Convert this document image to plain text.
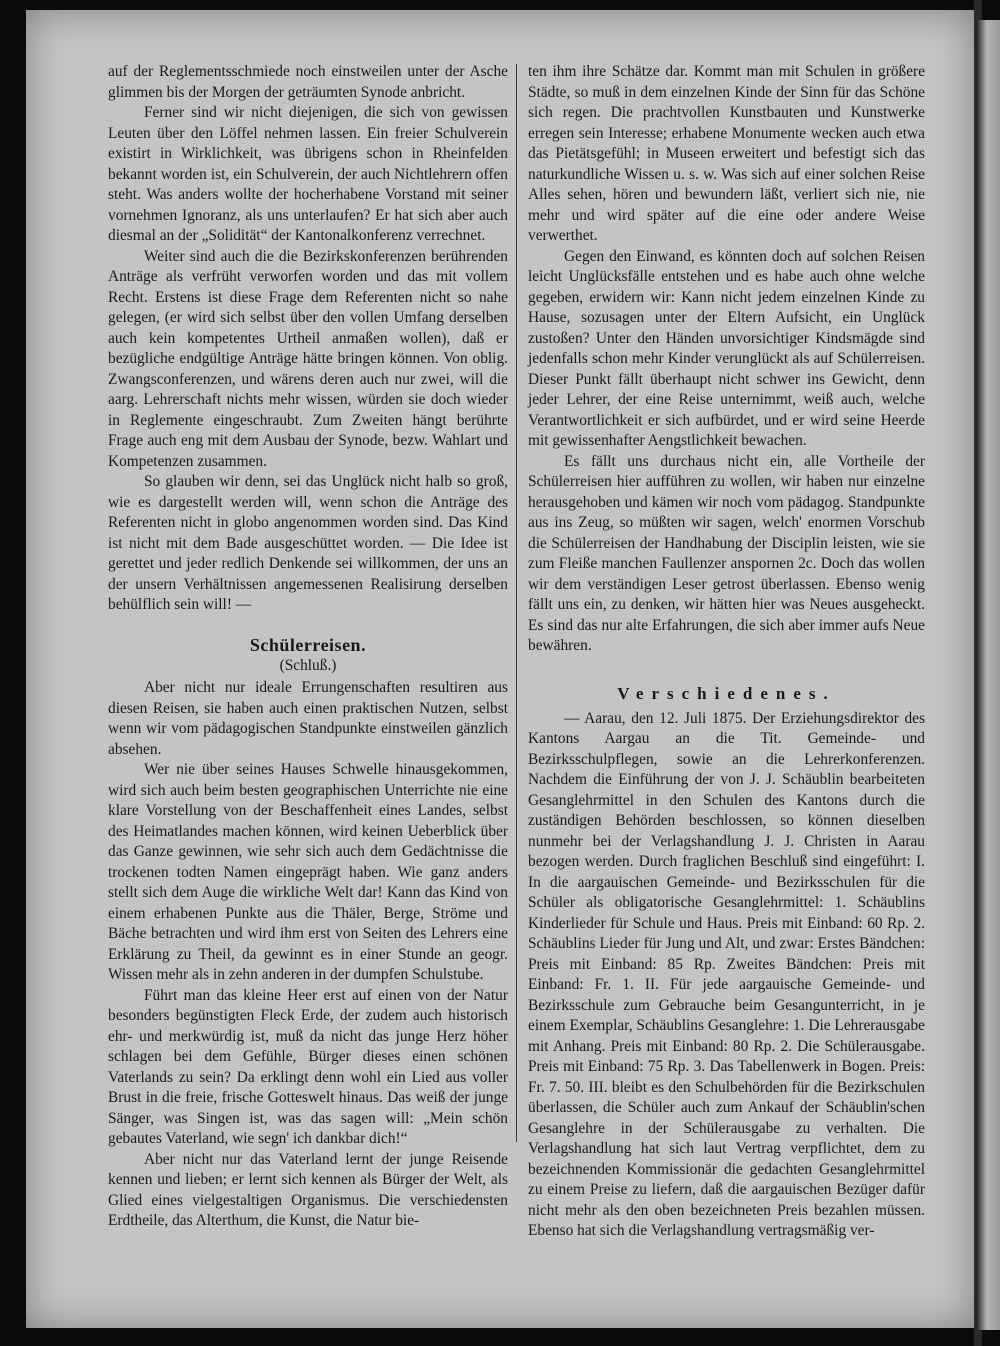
auf der Reglementsschmiede noch einstweilen unter der Asche glimmen bis der Morgen der geträumten Synode anbricht.

Ferner sind wir nicht diejenigen, die sich von gewissen Leuten über den Löffel nehmen lassen. Ein freier Schulverein existirt in Wirklichkeit, was übrigens schon in Rheinfelden bekannt worden ist, ein Schulverein, der auch Nichtlehrern offen steht. Was anders wollte der hocherhabene Vorstand mit seiner vornehmen Ignoranz, als uns unterlaufen? Er hat sich aber auch diesmal an der „Solidität“ der Kantonalkonferenz verrechnet.

Weiter sind auch die die Bezirkskonferenzen berührenden Anträge als verfrüht verworfen worden und das mit vollem Recht. Erstens ist diese Frage dem Referenten nicht so nahe gelegen, (er wird sich selbst über den vollen Umfang derselben auch kein kompetentes Urtheil anmaßen wollen), daß er bezügliche endgültige Anträge hätte bringen können. Von oblig. Zwangsconferenzen, und wärens deren auch nur zwei, will die aarg. Lehrerschaft nichts mehr wissen, würden sie doch wieder in Reglemente eingeschraubt. Zum Zweiten hängt berührte Frage auch eng mit dem Ausbau der Synode, bezw. Wahlart und Kompetenzen zusammen.

So glauben wir denn, sei das Unglück nicht halb so groß, wie es dargestellt werden will, wenn schon die Anträge des Referenten nicht in globo angenommen worden sind. Das Kind ist nicht mit dem Bade ausgeschüttet worden. — Die Idee ist gerettet und jeder redlich Denkende sei willkommen, der uns an der unsern Verhältnissen angemessenen Realisirung derselben behülflich sein will! —

Schülerreisen.
(Schluß.)

Aber nicht nur ideale Errungenschaften resultiren aus diesen Reisen, sie haben auch einen praktischen Nutzen, selbst wenn wir vom pädagogischen Standpunkte einstweilen gänzlich absehen.

Wer nie über seines Hauses Schwelle hinausgekommen, wird sich auch beim besten geographischen Unterrichte nie eine klare Vorstellung von der Beschaffenheit eines Landes, selbst des Heimatlandes machen können, wird keinen Ueberblick über das Ganze gewinnen, wie sehr sich auch dem Gedächtnisse die trockenen todten Namen eingeprägt haben. Wie ganz anders stellt sich dem Auge die wirkliche Welt dar! Kann das Kind von einem erhabenen Punkte aus die Thäler, Berge, Ströme und Bäche betrachten und wird ihm erst von Seiten des Lehrers eine Erklärung zu Theil, da gewinnt es in einer Stunde an geogr. Wissen mehr als in zehn anderen in der dumpfen Schulstube.

Führt man das kleine Heer erst auf einen von der Natur besonders begünstigten Fleck Erde, der zudem auch historisch ehr- und merkwürdig ist, muß da nicht das junge Herz höher schlagen bei dem Gefühle, Bürger dieses einen schönen Vaterlands zu sein? Da erklingt denn wohl ein Lied aus voller Brust in die freie, frische Gotteswelt hinaus. Das weiß der junge Sänger, was Singen ist, was das sagen will: „Mein schön gebautes Vaterland, wie segn' ich dankbar dich!“

Aber nicht nur das Vaterland lernt der junge Reisende kennen und lieben; er lernt sich kennen als Bürger der Welt, als Glied eines vielgestaltigen Organismus. Die verschiedensten Erdtheile, das Alterthum, die Kunst, die Natur bie-

ten ihm ihre Schätze dar. Kommt man mit Schulen in größere Städte, so muß in dem einzelnen Kinde der Sinn für das Schöne sich regen. Die prachtvollen Kunstbauten und Kunstwerke erregen sein Interesse; erhabene Monumente wecken auch etwa das Pietätsgefühl; in Museen erweitert und befestigt sich das naturkundliche Wissen u. s. w. Was sich auf einer solchen Reise Alles sehen, hören und bewundern läßt, verliert sich nie, nie mehr und wird später auf die eine oder andere Weise verwerthet.

Gegen den Einwand, es könnten doch auf solchen Reisen leicht Unglücksfälle entstehen und es habe auch ohne welche gegeben, erwidern wir: Kann nicht jedem einzelnen Kinde zu Hause, sozusagen unter der Eltern Aufsicht, ein Unglück zustoßen? Unter den Händen unvorsichtiger Kindsmägde sind jedenfalls schon mehr Kinder verunglückt als auf Schülerreisen. Dieser Punkt fällt überhaupt nicht schwer ins Gewicht, denn jeder Lehrer, der eine Reise unternimmt, weiß auch, welche Verantwortlichkeit er sich aufbürdet, und er wird seine Heerde mit gewissenhafter Aengstlichkeit bewachen.

Es fällt uns durchaus nicht ein, alle Vortheile der Schülerreisen hier aufführen zu wollen, wir haben nur einzelne herausgehoben und kämen wir noch vom pädagog. Standpunkte aus ins Zeug, so müßten wir sagen, welch' enormen Vorschub die Schülerreisen der Handhabung der Disciplin leisten, wie sie zum Fleiße manchen Faullenzer anspornen 2c. Doch das wollen wir dem verständigen Leser getrost überlassen. Ebenso wenig fällt uns ein, zu denken, wir hätten hier was Neues ausgeheckt. Es sind das nur alte Erfahrungen, die sich aber immer aufs Neue bewähren.

Verschiedenes.

— Aarau, den 12. Juli 1875. Der Erziehungsdirektor des Kantons Aargau an die Tit. Gemeinde- und Bezirksschulpflegen, sowie an die Lehrerkonferenzen. Nachdem die Einführung der von J. J. Schäublin bearbeiteten Gesanglehrmittel in den Schulen des Kantons durch die zuständigen Behörden beschlossen, so können dieselben nunmehr bei der Verlagshandlung J. J. Christen in Aarau bezogen werden. Durch fraglichen Beschluß sind eingeführt: I. In die aargauischen Gemeinde- und Bezirksschulen für die Schüler als obligatorische Gesanglehrmittel: 1. Schäublins Kinderlieder für Schule und Haus. Preis mit Einband: 60 Rp. 2. Schäublins Lieder für Jung und Alt, und zwar: Erstes Bändchen: Preis mit Einband: 85 Rp. Zweites Bändchen: Preis mit Einband: Fr. 1. II. Für jede aargauische Gemeinde- und Bezirksschule zum Gebrauche beim Gesangunterricht, in je einem Exemplar, Schäublins Gesanglehre: 1. Die Lehrerausgabe mit Anhang. Preis mit Einband: 80 Rp. 2. Die Schülerausgabe. Preis mit Einband: 75 Rp. 3. Das Tabellenwerk in Bogen. Preis: Fr. 7. 50. III. bleibt es den Schulbehörden für die Bezirkschulen überlassen, die Schüler auch zum Ankauf der Schäublin'schen Gesanglehre in der Schülerausgabe zu verhalten. Die Verlagshandlung hat sich laut Vertrag verpflichtet, dem zu bezeichnenden Kommissionär die gedachten Gesanglehrmittel zu einem Preise zu liefern, daß die aargauischen Bezüger dafür nicht mehr als den oben bezeichneten Preis bezahlen müssen. Ebenso hat sich die Verlagshandlung vertragsmäßig ver-
